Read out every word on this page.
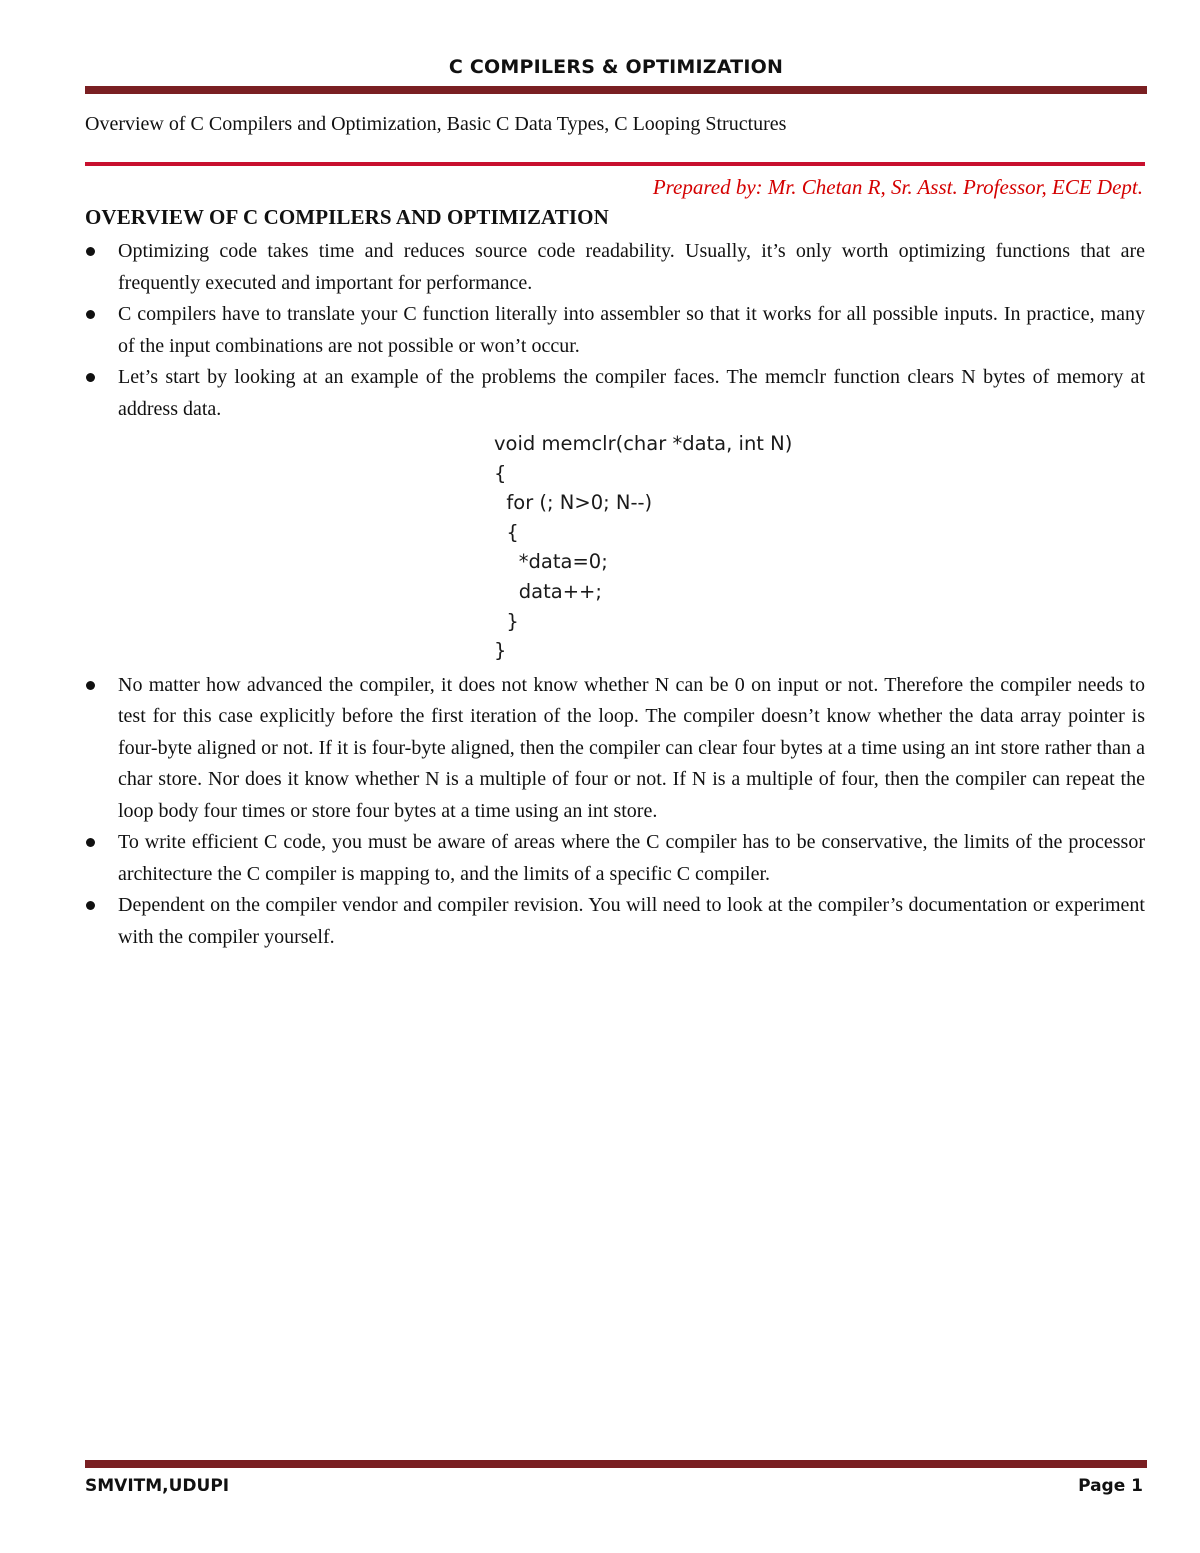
C COMPILERS & OPTIMIZATION
Overview of C Compilers and Optimization, Basic C Data Types, C Looping Structures
Prepared by: Mr. Chetan R, Sr. Asst. Professor, ECE Dept.
OVERVIEW OF C COMPILERS AND OPTIMIZATION
Optimizing code takes time and reduces source code readability. Usually, it’s only worth optimizing functions that are frequently executed and important for performance.
C compilers have to translate your C function literally into assembler so that it works for all possible inputs. In practice, many of the input combinations are not possible or won’t occur.
Let’s start by looking at an example of the problems the compiler faces. The memclr function clears N bytes of memory at address data.
void memclr(char *data, int N)
{
for (; N>0; N--)
{
*data=0;
data++;
}
}
No matter how advanced the compiler, it does not know whether N can be 0 on input or not. Therefore the compiler needs to test for this case explicitly before the first iteration of the loop. The compiler doesn’t know whether the data array pointer is four-byte aligned or not. If it is four-byte aligned, then the compiler can clear four bytes at a time using an int store rather than a char store. Nor does it know whether N is a multiple of four or not. If N is a multiple of four, then the compiler can repeat the loop body four times or store four bytes at a time using an int store.
To write efficient C code, you must be aware of areas where the C compiler has to be conservative, the limits of the processor architecture the C compiler is mapping to, and the limits of a specific C compiler.
Dependent on the compiler vendor and compiler revision. You will need to look at the compiler’s documentation or experiment with the compiler yourself.
SMVITM,UDUPI	Page 1
